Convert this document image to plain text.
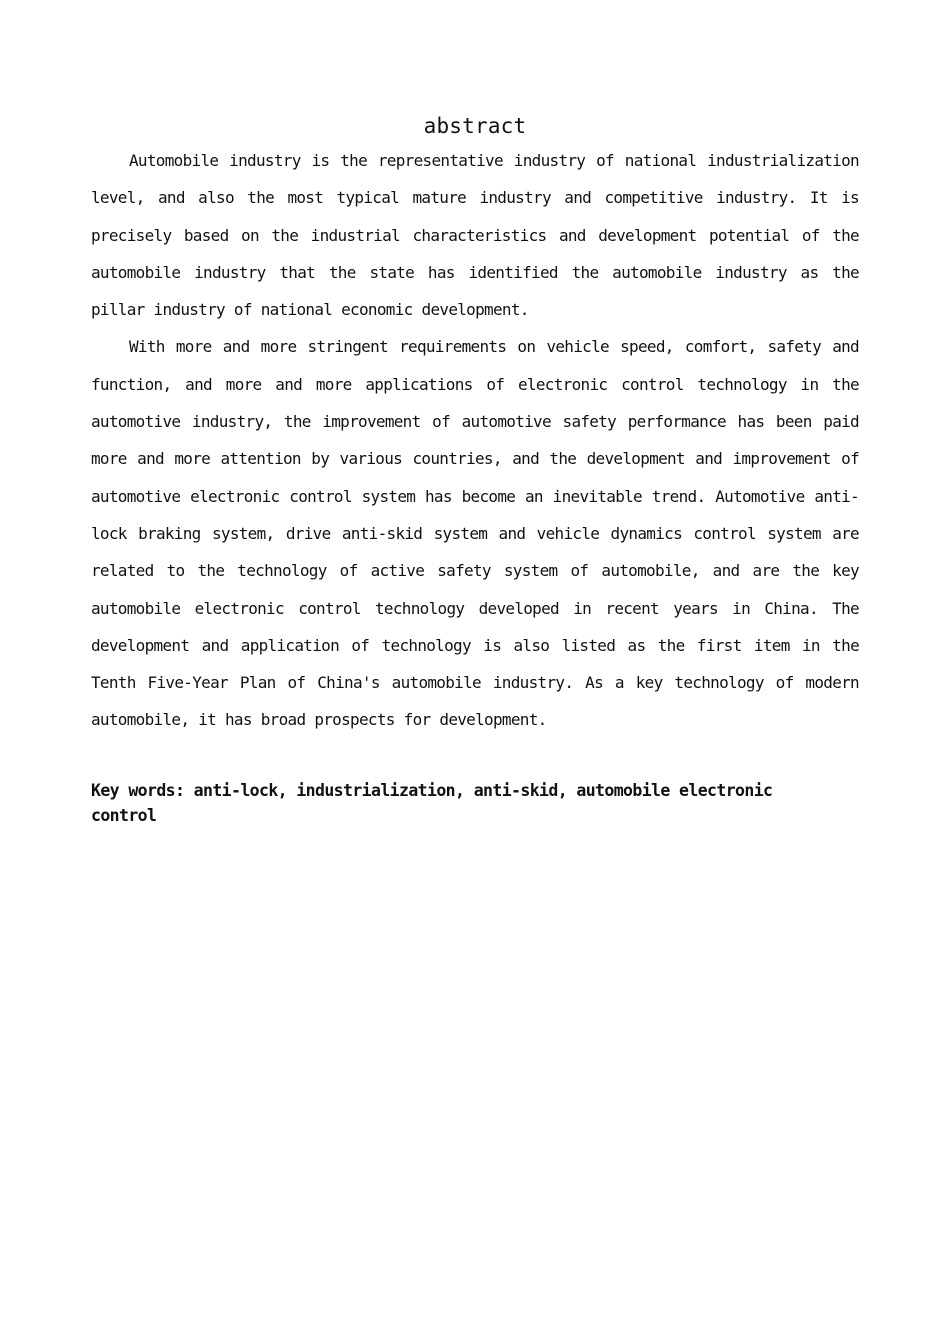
abstract

Automobile industry is the representative industry of national industrialization level, and also the most typical mature industry and competitive industry. It is precisely based on the industrial characteristics and development potential of the automobile industry that the state has identified the automobile industry as the pillar industry of national economic development.

With more and more stringent requirements on vehicle speed, comfort, safety and function, and more and more applications of electronic control technology in the automotive industry, the improvement of automotive safety performance has been paid more and more attention by various countries, and the development and improvement of automotive electronic control system has become an inevitable trend. Automotive anti-lock braking system, drive anti-skid system and vehicle dynamics control system are related to the technology of active safety system of automobile, and are the key automobile electronic control technology developed in recent years in China. The development and application of technology is also listed as the first item in the Tenth Five-Year Plan of China's automobile industry. As a key technology of modern automobile, it has broad prospects for development.

Key words: anti-lock, industrialization, anti-skid, automobile electronic control
